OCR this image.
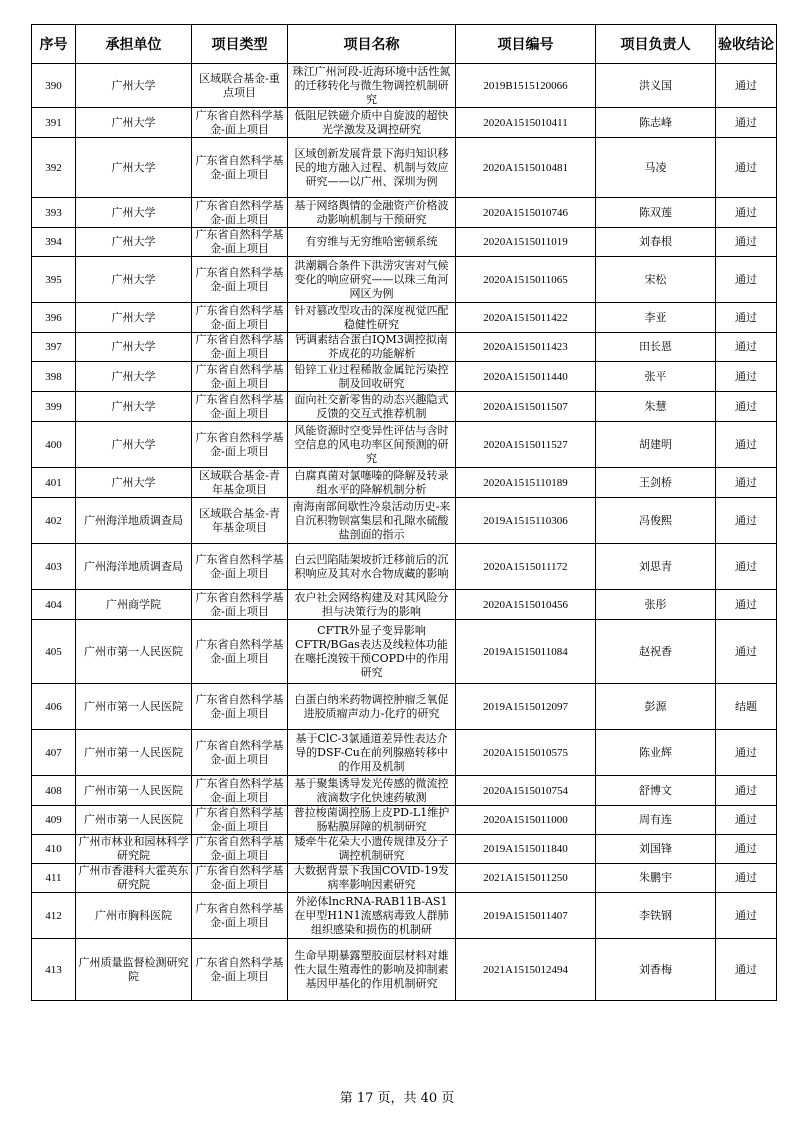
序号	承担单位	项目类型	项目名称	项目编号	项目负责人	验收结论
390	广州大学	区域联合基金-重点项目	珠江广州河段-近海环境中活性氮的迁移转化与微生物调控机制研究	2019B1515120066	洪义国	通过
391	广州大学	广东省自然科学基金-面上项目	低阻尼铁磁介质中自旋波的超快光学激发及调控研究	2020A1515010411	陈志峰	通过
392	广州大学	广东省自然科学基金-面上项目	区域创新发展背景下海归知识移民的地方融入过程、机制与效应研究——以广州、深圳为例	2020A1515010481	马凌	通过
393	广州大学	广东省自然科学基金-面上项目	基于网络舆情的金融资产价格波动影响机制与干预研究	2020A1515010746	陈双莲	通过
394	广州大学	广东省自然科学基金-面上项目	有穷维与无穷维哈密顿系统	2020A1515011019	刘春根	通过
395	广州大学	广东省自然科学基金-面上项目	洪潮耦合条件下洪涝灾害对气候变化的响应研究——以珠三角河网区为例	2020A1515011065	宋松	通过
396	广州大学	广东省自然科学基金-面上项目	针对篡改型攻击的深度视觉匹配稳健性研究	2020A1515011422	李亚	通过
397	广州大学	广东省自然科学基金-面上项目	钙调素结合蛋白IQM3调控拟南芥成花的功能解析	2020A1515011423	田长恩	通过
398	广州大学	广东省自然科学基金-面上项目	铅锌工业过程稀散金属铊污染控制及回收研究	2020A1515011440	张平	通过
399	广州大学	广东省自然科学基金-面上项目	面向社交新零售的动态兴趣隐式反馈的交互式推荐机制	2020A1515011507	朱慧	通过
400	广州大学	广东省自然科学基金-面上项目	风能资源时空变异性评估与含时空信息的风电功率区间预测的研究	2020A1515011527	胡建明	通过
401	广州大学	区域联合基金-青年基金项目	白腐真菌对氯噻嗪的降解及转录组水平的降解机制分析	2020A1515110189	王剑桥	通过
402	广州海洋地质调查局	区域联合基金-青年基金项目	南海南部间歇性冷泉活动历史-来自沉积物钡富集层和孔隙水硫酸盐剖面的指示	2019A1515110306	冯俊熙	通过
403	广州海洋地质调查局	广东省自然科学基金-面上项目	白云凹陷陆架坡折迁移前后的沉积响应及其对水合物成藏的影响	2020A1515011172	刘思青	通过
404	广州商学院	广东省自然科学基金-面上项目	农户社会网络构建及对其风险分担与决策行为的影响	2020A1515010456	张彤	通过
405	广州市第一人民医院	广东省自然科学基金-面上项目	CFTR外显子变异影响CFTR/BGas表达及线粒体功能在噻托溴铵干预COPD中的作用研究	2019A1515011084	赵祝香	通过
406	广州市第一人民医院	广东省自然科学基金-面上项目	白蛋白纳米药物调控肿瘤乏氧促进胶质瘤声动力-化疗的研究	2019A1515012097	彭源	结题
407	广州市第一人民医院	广东省自然科学基金-面上项目	基于ClC-3氯通道差异性表达介导的DSF-Cu在前列腺癌转移中的作用及机制	2020A1515010575	陈业辉	通过
408	广州市第一人民医院	广东省自然科学基金-面上项目	基于聚集诱导发光传感的微流控液滴数字化快速药敏测	2020A1515010754	舒博文	通过
409	广州市第一人民医院	广东省自然科学基金-面上项目	普拉梭菌调控肠上皮PD-L1维护肠粘膜屏障的机制研究	2020A1515011000	周有连	通过
410	广州市林业和园林科学研究院	广东省自然科学基金-面上项目	矮牵牛花朵大小遗传规律及分子调控机制研究	2019A1515011840	刘国锋	通过
411	广州市香港科大霍英东研究院	广东省自然科学基金-面上项目	大数据背景下我国COVID-19发病率影响因素研究	2021A1515011250	朱鹏宇	通过
412	广州市胸科医院	广东省自然科学基金-面上项目	外泌体lncRNA-RAB11B-AS1在甲型H1N1流感病毒致人群肺组织感染和损伤的机制研	2019A1515011407	李铁钢	通过
413	广州质量监督检测研究院	广东省自然科学基金-面上项目	生命早期暴露塑胶面层材料对雄性大鼠生殖毒性的影响及抑制素基因甲基化的作用机制研究	2021A1515012494	刘香梅	通过
第 17 页，共 40 页
